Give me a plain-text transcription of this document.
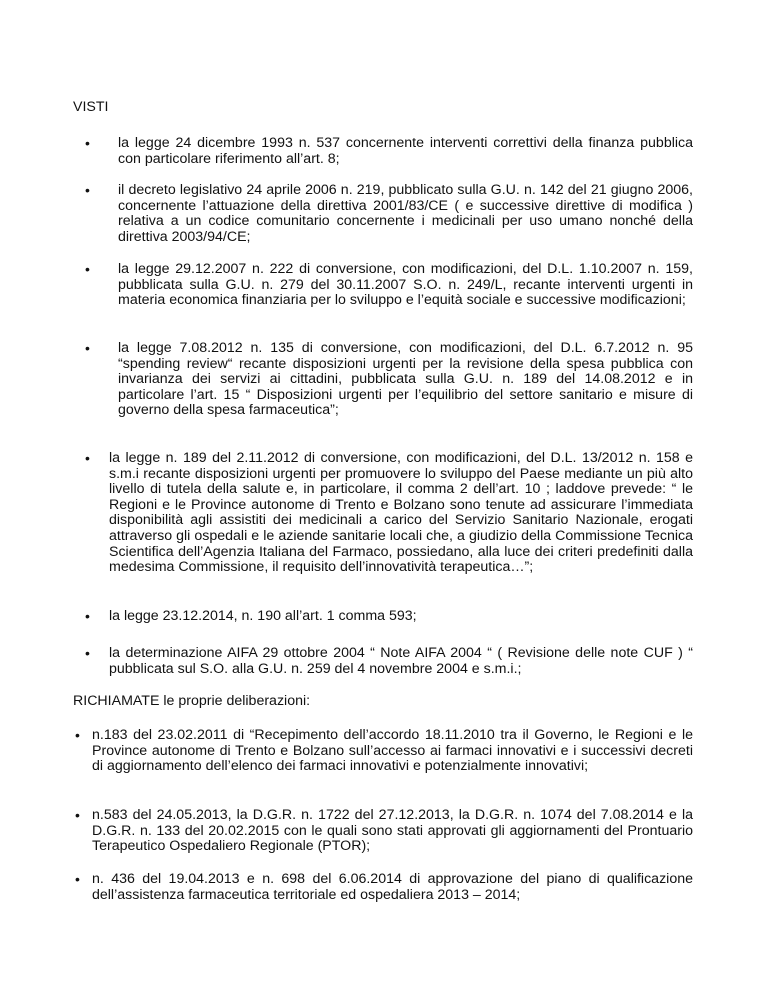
VISTI
• la legge 24 dicembre 1993 n. 537 concernente interventi correttivi della finanza pubblica con particolare riferimento all’art. 8;
• il decreto legislativo 24 aprile 2006 n. 219, pubblicato sulla G.U. n. 142 del 21 giugno 2006, concernente l’attuazione della direttiva 2001/83/CE ( e successive direttive di modifica ) relativa a un codice comunitario concernente i medicinali per uso umano nonché della direttiva 2003/94/CE;
• la legge 29.12.2007 n. 222 di conversione, con modificazioni, del D.L. 1.10.2007 n. 159, pubblicata sulla G.U. n. 279 del 30.11.2007 S.O. n. 249/L, recante interventi urgenti in materia economica finanziaria per lo sviluppo e l’equità sociale e successive modificazioni;
• la legge 7.08.2012 n. 135 di conversione, con modificazioni, del D.L. 6.7.2012 n. 95 “spending review“ recante disposizioni urgenti per la revisione della spesa pubblica con invarianza dei servizi ai cittadini, pubblicata sulla G.U. n. 189 del 14.08.2012 e in particolare l’art. 15 “ Disposizioni urgenti per l’equilibrio del settore sanitario e misure di governo della spesa farmaceutica”;
• la legge n. 189 del 2.11.2012 di conversione, con modificazioni, del D.L. 13/2012 n. 158 e s.m.i recante disposizioni urgenti per promuovere lo sviluppo del Paese mediante un più alto livello di tutela della salute e, in particolare, il comma 2 dell’art. 10 ; laddove prevede: “ le Regioni e le Province autonome di Trento e Bolzano sono tenute ad assicurare l’immediata disponibilità agli assistiti dei medicinali a carico del Servizio Sanitario Nazionale, erogati attraverso gli ospedali e le aziende sanitarie locali che, a giudizio della Commissione Tecnica Scientifica dell’Agenzia Italiana del Farmaco, possiedano, alla luce dei criteri predefiniti dalla medesima Commissione, il requisito dell’innovatività terapeutica…”;
• la legge 23.12.2014, n. 190 all’art. 1 comma 593;
• la determinazione AIFA 29 ottobre 2004 “ Note AIFA 2004 “ ( Revisione delle note CUF ) “ pubblicata sul S.O. alla G.U. n. 259 del 4 novembre 2004 e s.m.i.;
RICHIAMATE le proprie deliberazioni:
• n.183 del 23.02.2011 di “Recepimento dell’accordo 18.11.2010 tra il Governo, le Regioni e le Province autonome di Trento e Bolzano sull’accesso ai farmaci innovativi e i successivi decreti di aggiornamento dell’elenco dei farmaci innovativi e potenzialmente innovativi;
• n.583 del 24.05.2013, la D.G.R. n. 1722 del 27.12.2013, la D.G.R. n. 1074 del 7.08.2014 e la D.G.R. n. 133 del 20.02.2015 con le quali sono stati approvati gli aggiornamenti del Prontuario Terapeutico Ospedaliero Regionale (PTOR);
• n. 436 del 19.04.2013 e n. 698 del 6.06.2014 di approvazione del piano di qualificazione dell’assistenza farmaceutica territoriale ed ospedaliera 2013 – 2014;
